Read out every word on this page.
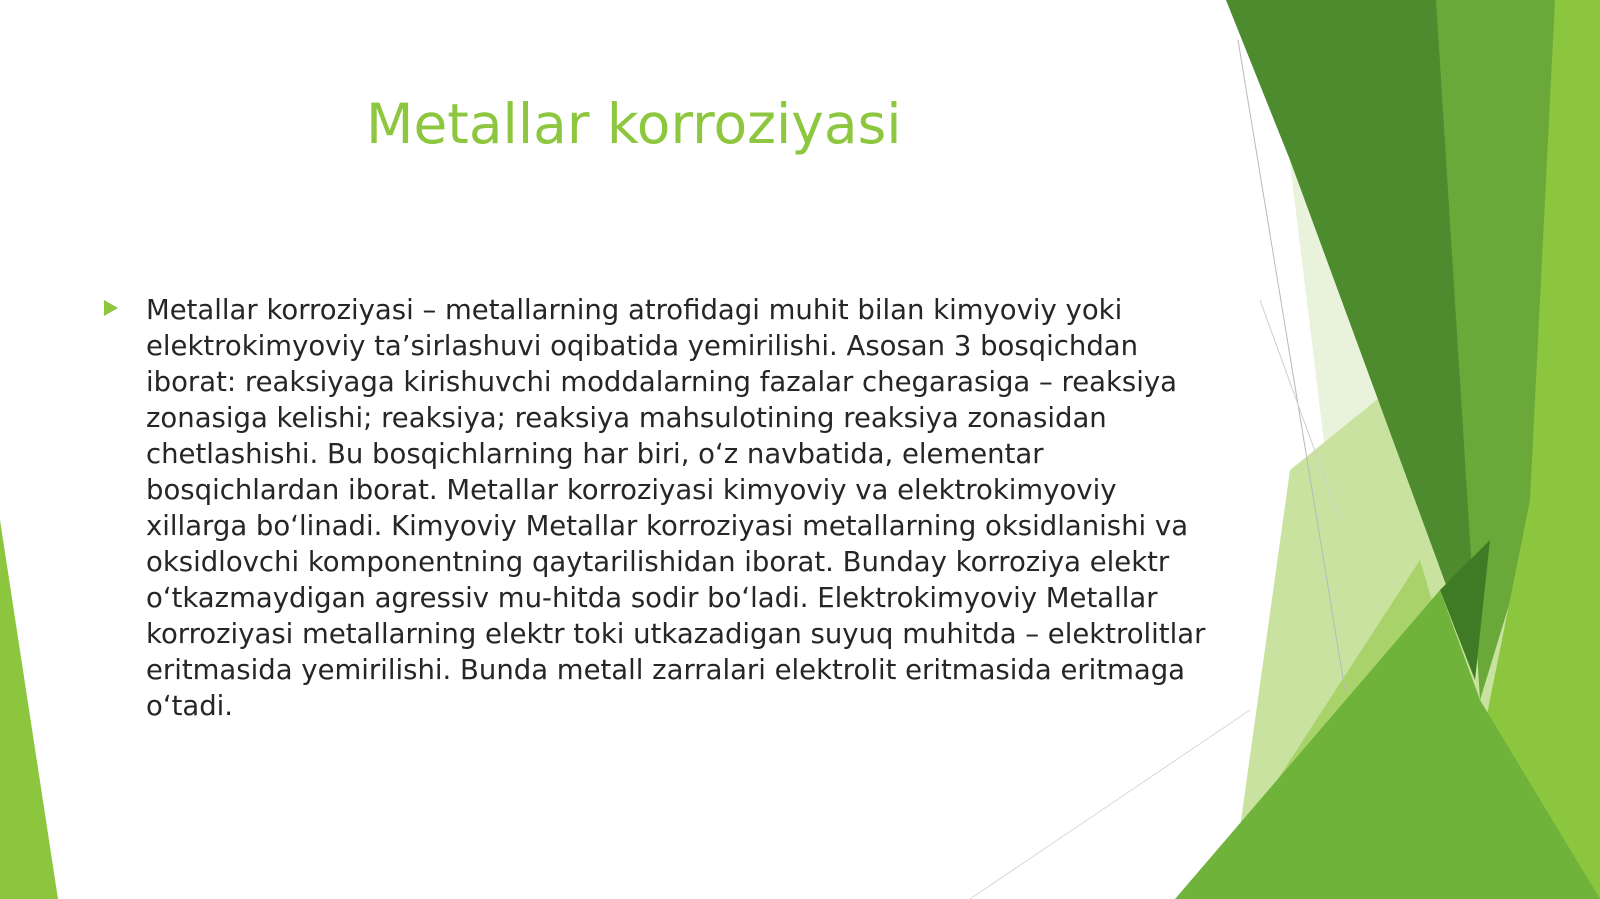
Metallar korroziyasi

Metallar korroziyasi – metallarning atrofidagi muhit bilan kimyoviy yoki elektrokimyoviy ta’sirlashuvi oqibatida yemirilishi. Asosan 3 bosqichdan iborat: reaksiyaga kirishuvchi moddalarning fazalar chegarasiga – reaksiya zonasiga kelishi; reaksiya; reaksiya mahsulotining reaksiya zonasidan chetlashishi. Bu bosqichlarning har biri, oʻz navbatida, elementar bosqichlardan iborat. Metallar korroziyasi kimyoviy va elektrokimyoviy xillarga boʻlinadi. Kimyoviy Metallar korroziyasi metallarning oksidlanishi va oksidlovchi komponentning qaytarilishidan iborat. Bunday korroziya elektr oʻtkazmaydigan agressiv mu-hitda sodir boʻladi. Elektrokimyoviy Metallar korroziyasi metallarning elektr toki utkazadigan suyuq muhitda – elektrolitlar eritmasida yemirilishi. Bunda metall zarralari elektrolit eritmasida eritmaga oʻtadi.
